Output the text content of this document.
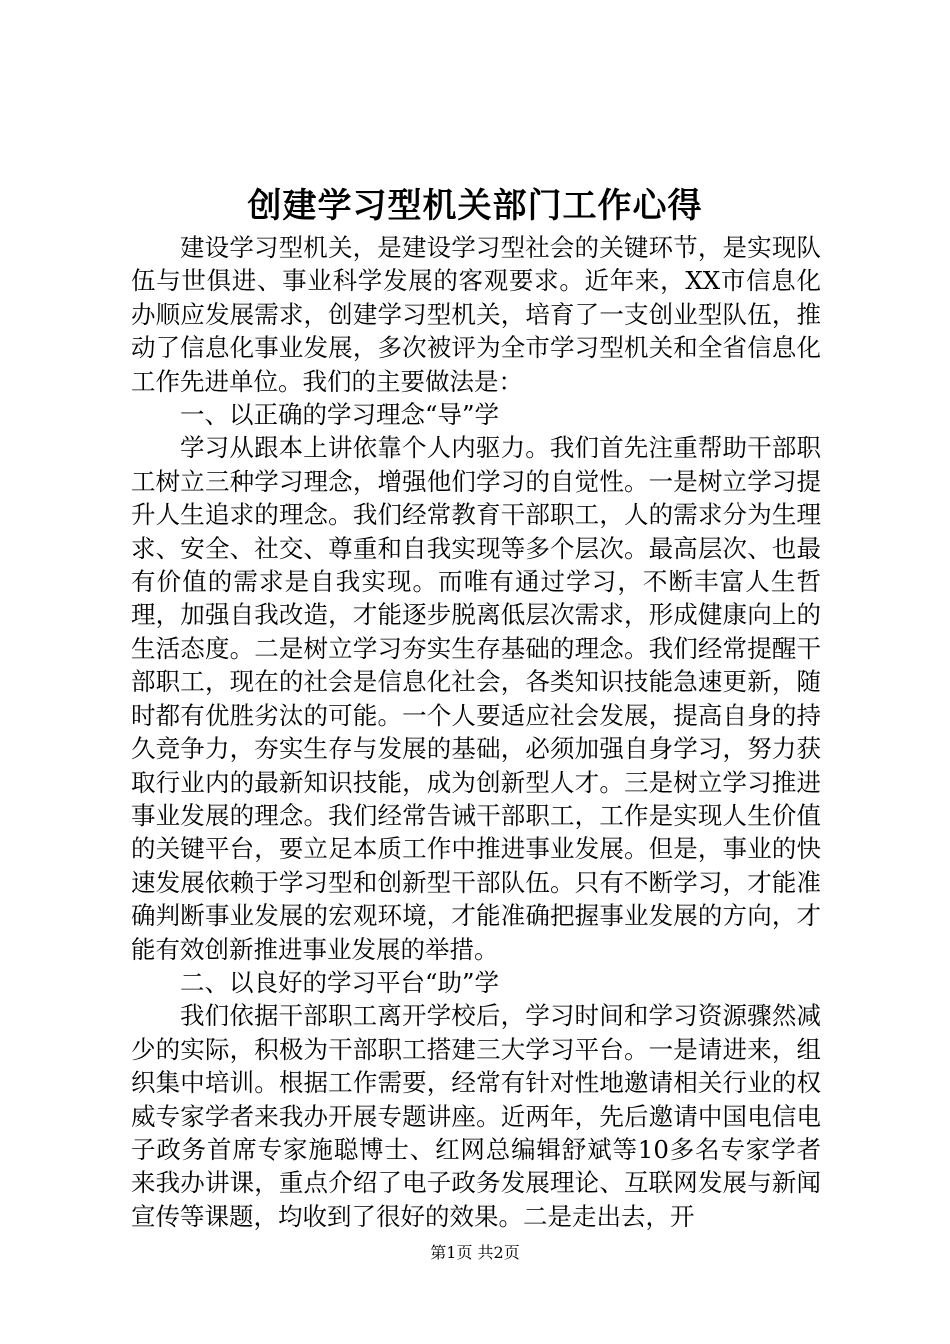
创建学习型机关部门工作心得

建设学习型机关，是建设学习型社会的关键环节，是实现队伍与世俱进、事业科学发展的客观要求。近年来，XX市信息化办顺应发展需求，创建学习型机关，培育了一支创业型队伍，推动了信息化事业发展，多次被评为全市学习型机关和全省信息化工作先进单位。我们的主要做法是：

一、以正确的学习理念“导”学

学习从跟本上讲依靠个人内驱力。我们首先注重帮助干部职工树立三种学习理念，增强他们学习的自觉性。一是树立学习提升人生追求的理念。我们经常教育干部职工，人的需求分为生理求、安全、社交、尊重和自我实现等多个层次。最高层次、也最有价值的需求是自我实现。而唯有通过学习，不断丰富人生哲理，加强自我改造，才能逐步脱离低层次需求，形成健康向上的生活态度。二是树立学习夯实生存基础的理念。我们经常提醒干部职工，现在的社会是信息化社会，各类知识技能急速更新，随时都有优胜劣汰的可能。一个人要适应社会发展，提高自身的持久竞争力，夯实生存与发展的基础，必须加强自身学习，努力获取行业内的最新知识技能，成为创新型人才。三是树立学习推进事业发展的理念。我们经常告诫干部职工，工作是实现人生价值的关键平台，要立足本质工作中推进事业发展。但是，事业的快速发展依赖于学习型和创新型干部队伍。只有不断学习，才能准确判断事业发展的宏观环境，才能准确把握事业发展的方向，才能有效创新推进事业发展的举措。

二、以良好的学习平台“助”学

我们依据干部职工离开学校后，学习时间和学习资源骤然减少的实际，积极为干部职工搭建三大学习平台。一是请进来，组织集中培训。根据工作需要，经常有针对性地邀请相关行业的权威专家学者来我办开展专题讲座。近两年，先后邀请中国电信电子政务首席专家施聪博士、红网总编辑舒斌等10多名专家学者来我办讲课，重点介绍了电子政务发展理论、互联网发展与新闻宣传等课题，均收到了很好的效果。二是走出去，开

第1页 共2页
